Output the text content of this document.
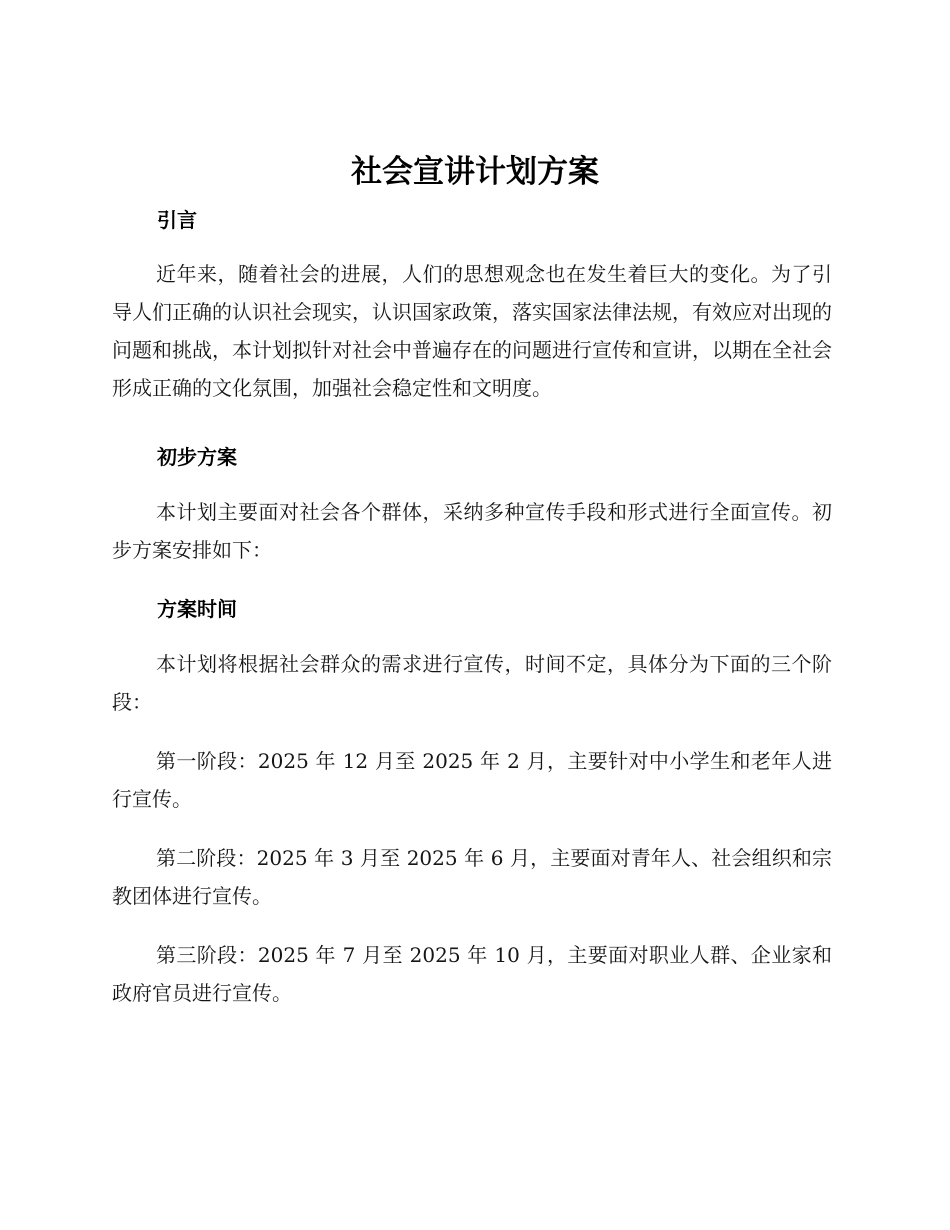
社会宣讲计划方案
引言

近年来，随着社会的进展，人们的思想观念也在发生着巨大的变化。为了引导人们正确的认识社会现实，认识国家政策，落实国家法律法规，有效应对出现的问题和挑战，本计划拟针对社会中普遍存在的问题进行宣传和宣讲，以期在全社会形成正确的文化氛围，加强社会稳定性和文明度。

初步方案

本计划主要面对社会各个群体，采纳多种宣传手段和形式进行全面宣传。初步方案安排如下：

方案时间

本计划将根据社会群众的需求进行宣传，时间不定，具体分为下面的三个阶段：

第一阶段：2025 年 12 月至 2025 年 2 月，主要针对中小学生和老年人进行宣传。

第二阶段：2025 年 3 月至 2025 年 6 月，主要面对青年人、社会组织和宗教团体进行宣传。

第三阶段：2025 年 7 月至 2025 年 10 月，主要面对职业人群、企业家和政府官员进行宣传。
